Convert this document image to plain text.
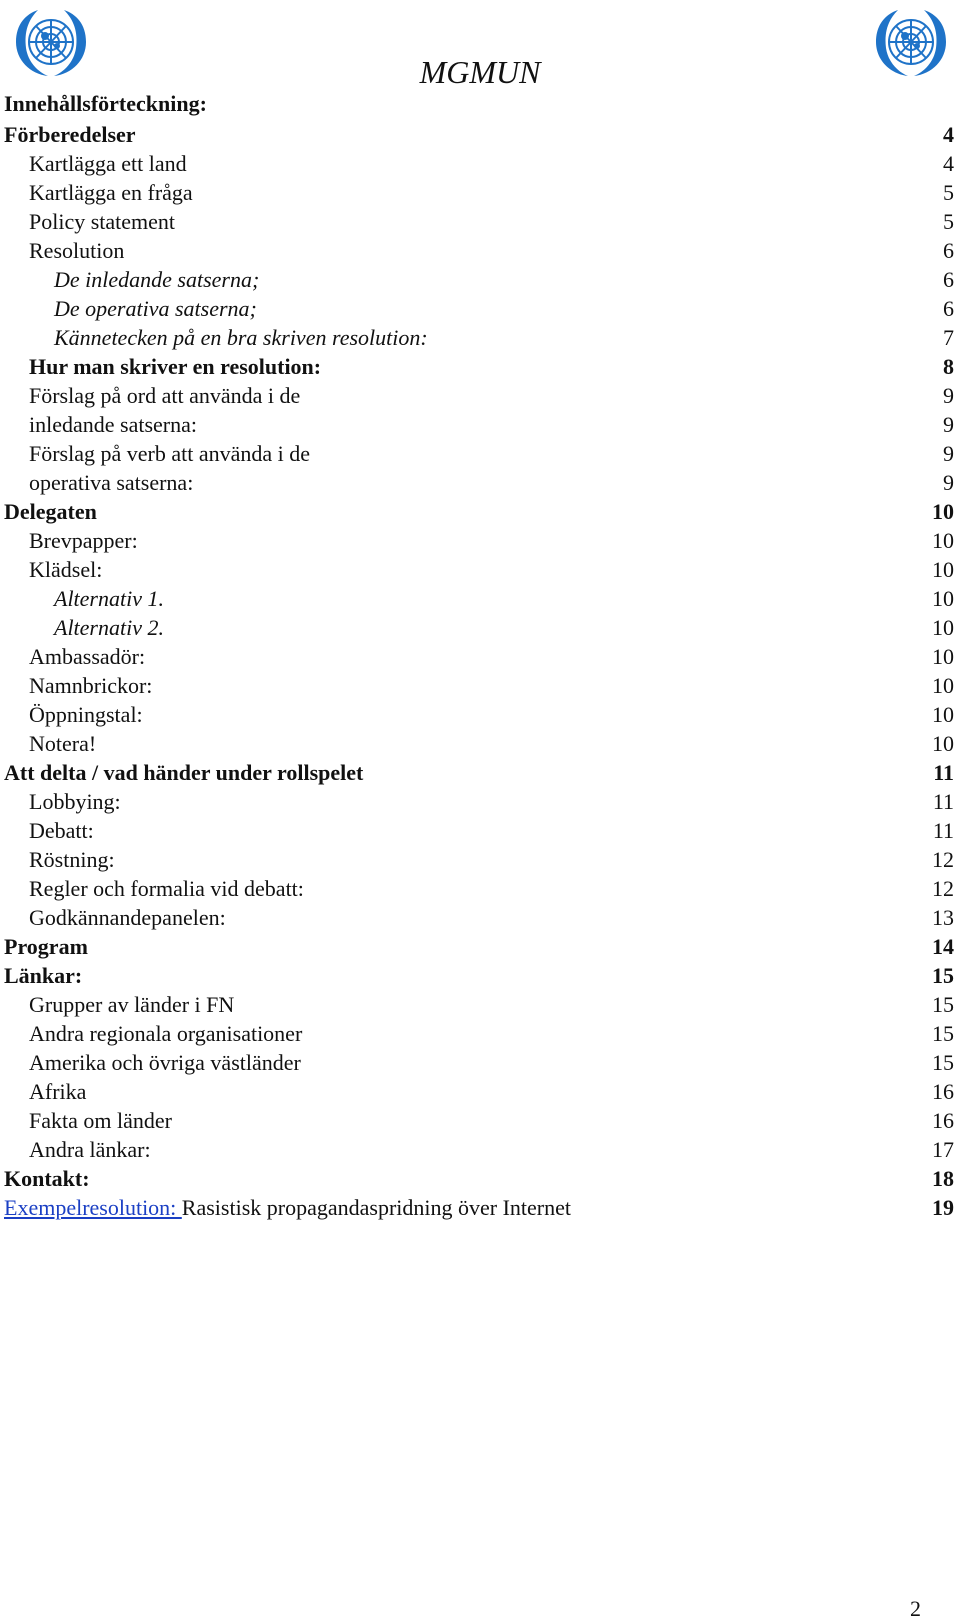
MGMUN
Innehållsförteckning:
Förberedelser	4
Kartlägga ett land	4
Kartlägga en fråga	5
Policy statement	5
Resolution	6
De inledande satserna;	6
De operativa satserna;	6
Kännetecken på en bra skriven resolution:	7
Hur man skriver en resolution:	8
Förslag på ord att använda i de	9
inledande satserna:	9
Förslag på verb att använda i de	9
operativa satserna:	9
Delegaten	10
Brevpapper:	10
Klädsel:	10
Alternativ 1.	10
Alternativ 2.	10
Ambassadör:	10
Namnbrickor:	10
Öppningstal:	10
Notera!	10
Att delta / vad händer under rollspelet	11
Lobbying:	11
Debatt:	11
Röstning:	12
Regler och formalia vid debatt:	12
Godkännandepanelen:	13
Program	14
Länkar:	15
Grupper av länder i FN	15
Andra regionala organisationer	15
Amerika och övriga västländer	15
Afrika	16
Fakta om länder	16
Andra länkar:	17
Kontakt:	18
Exempelresolution: Rasistisk propagandaspridning över Internet	19
2
